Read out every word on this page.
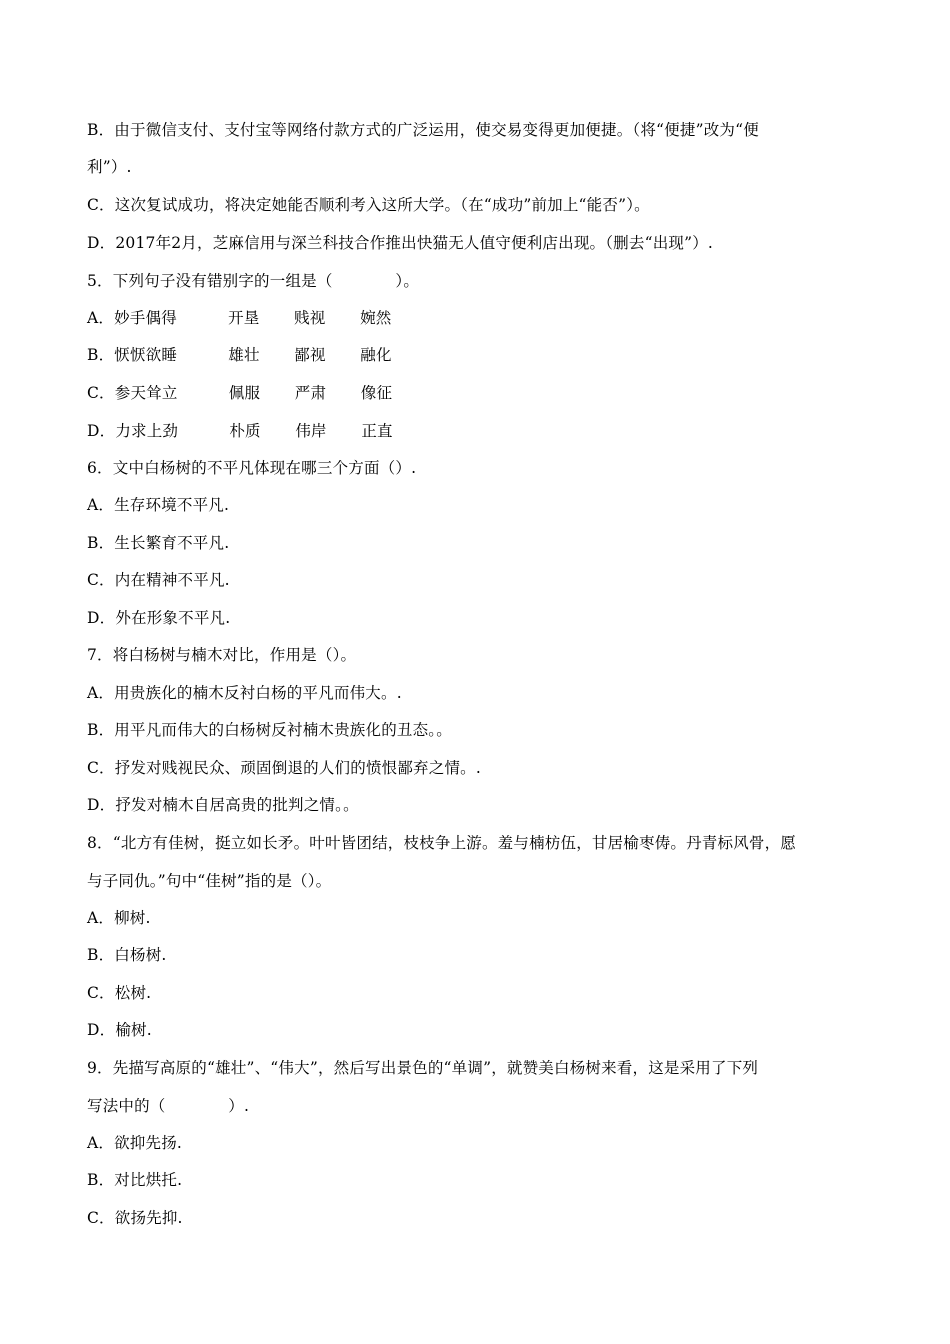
B．由于微信支付、支付宝等网络付款方式的广泛运用，使交易变得更加便捷。（将“便捷”改为“便
利”）.
C．这次复试成功，将决定她能否顺利考入这所大学。（在“成功”前加上“能否”）。
D．2017年2月，芝麻信用与深兰科技合作推出快猫无人值守便利店出现。（删去“出现”）.
5．下列句子没有错别字的一组是（　　　　）。
A．妙手偶得	开垦 贱视 婉然
B．恹恹欲睡	雄壮 鄙视 融化
C．参天耸立	佩服 严肃 像征
D．力求上劲	朴质 伟岸 正直
6．文中白杨树的不平凡体现在哪三个方面（）.
A．生存环境不平凡.
B．生长繁育不平凡.
C．内在精神不平凡.
D．外在形象不平凡.
7．将白杨树与楠木对比，作用是（）。
A．用贵族化的楠木反衬白杨的平凡而伟大。.
B．用平凡而伟大的白杨树反衬楠木贵族化的丑态。。
C．抒发对贱视民众、顽固倒退的人们的愤恨鄙弃之情。.
D．抒发对楠木自居高贵的批判之情。。
8．“北方有佳树，挺立如长矛。叶叶皆团结，枝枝争上游。羞与楠枋伍，甘居榆枣俦。丹青标风骨，愿
与子同仇。”句中“佳树”指的是（）。
A．柳树.
B．白杨树.
C．松树.
D．榆树.
9．先描写高原的“雄壮”、“伟大”，然后写出景色的“单调”，就赞美白杨树来看，这是采用了下列
写法中的（　　　　）.
A．欲抑先扬.
B．对比烘托.
C．欲扬先抑.
